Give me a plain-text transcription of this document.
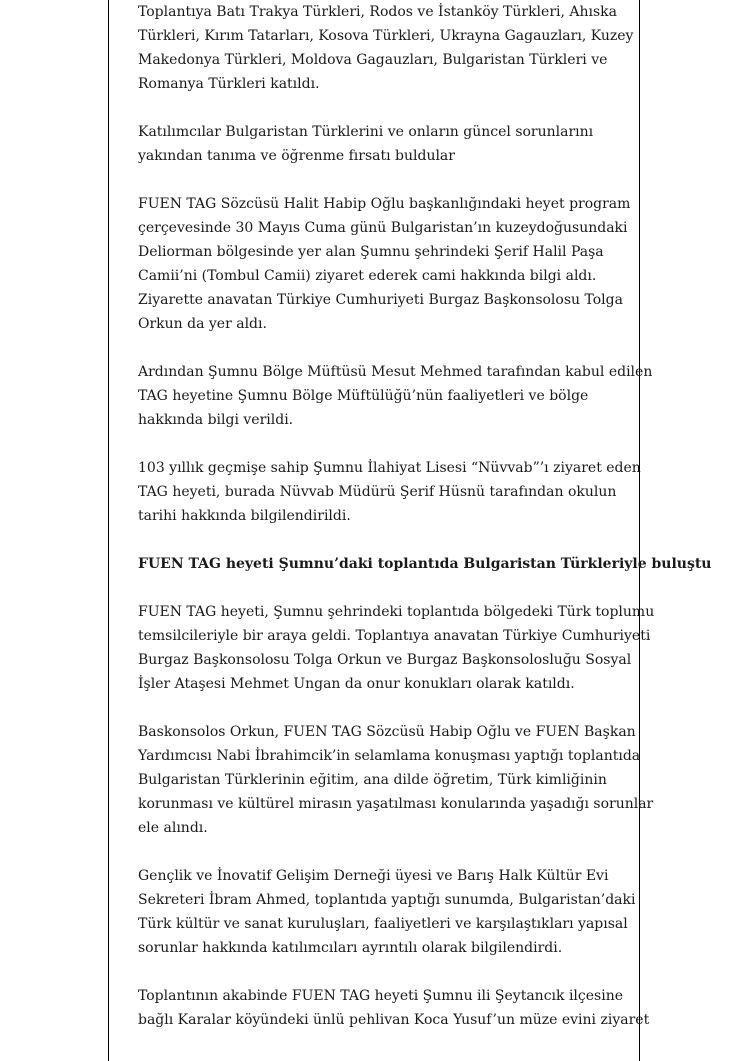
Toplantıya Batı Trakya Türkleri, Rodos ve İstanköy Türkleri, Ahıska
Türkleri, Kırım Tatarları, Kosova Türkleri, Ukrayna Gagauzları, Kuzey
Makedonya Türkleri, Moldova Gagauzları, Bulgaristan Türkleri ve
Romanya Türkleri katıldı.

Katılımcılar Bulgaristan Türklerini ve onların güncel sorunlarını
yakından tanıma ve öğrenme fırsatı buldular

FUEN TAG Sözcüsü Halit Habip Oğlu başkanlığındaki heyet program
çerçevesinde 30 Mayıs Cuma günü Bulgaristan’ın kuzeydoğusundaki
Deliorman bölgesinde yer alan Şumnu şehrindeki Şerif Halil Paşa
Camii’ni (Tombul Camii) ziyaret ederek cami hakkında bilgi aldı.
Ziyarette anavatan Türkiye Cumhuriyeti Burgaz Başkonsolosu Tolga
Orkun da yer aldı.

Ardından Şumnu Bölge Müftüsü Mesut Mehmed tarafından kabul edilen
TAG heyetine Şumnu Bölge Müftülüğü’nün faaliyetleri ve bölge
hakkında bilgi verildi.

103 yıllık geçmişe sahip Şumnu İlahiyat Lisesi “Nüvvab”’ı ziyaret eden
TAG heyeti, burada Nüvvab Müdürü Şerif Hüsnü tarafından okulun
tarihi hakkında bilgilendirildi.

FUEN TAG heyeti Şumnu’daki toplantıda Bulgaristan Türkleriyle buluştu

FUEN TAG heyeti, Şumnu şehrindeki toplantıda bölgedeki Türk toplumu
temsilcileriyle bir araya geldi. Toplantıya anavatan Türkiye Cumhuriyeti
Burgaz Başkonsolosu Tolga Orkun ve Burgaz Başkonsolosluğu Sosyal
İşler Ataşesi Mehmet Ungan da onur konukları olarak katıldı.

Baskonsolos Orkun, FUEN TAG Sözcüsü Habip Oğlu ve FUEN Başkan
Yardımcısı Nabi İbrahimcik’in selamlama konuşması yaptığı toplantıda
Bulgaristan Türklerinin eğitim, ana dilde öğretim, Türk kimliğinin
korunması ve kültürel mirasın yaşatılması konularında yaşadığı sorunlar
ele alındı.

Gençlik ve İnovatif Gelişim Derneği üyesi ve Barış Halk Kültür Evi
Sekreteri İbram Ahmed, toplantıda yaptığı sunumda, Bulgaristan’daki
Türk kültür ve sanat kuruluşları, faaliyetleri ve karşılaştıkları yapısal
sorunlar hakkında katılımcıları ayrıntılı olarak bilgilendirdi.

Toplantının akabinde FUEN TAG heyeti Şumnu ili Şeytancık ilçesine
bağlı Karalar köyündeki ünlü pehlivan Koca Yusuf’un müze evini ziyaret
